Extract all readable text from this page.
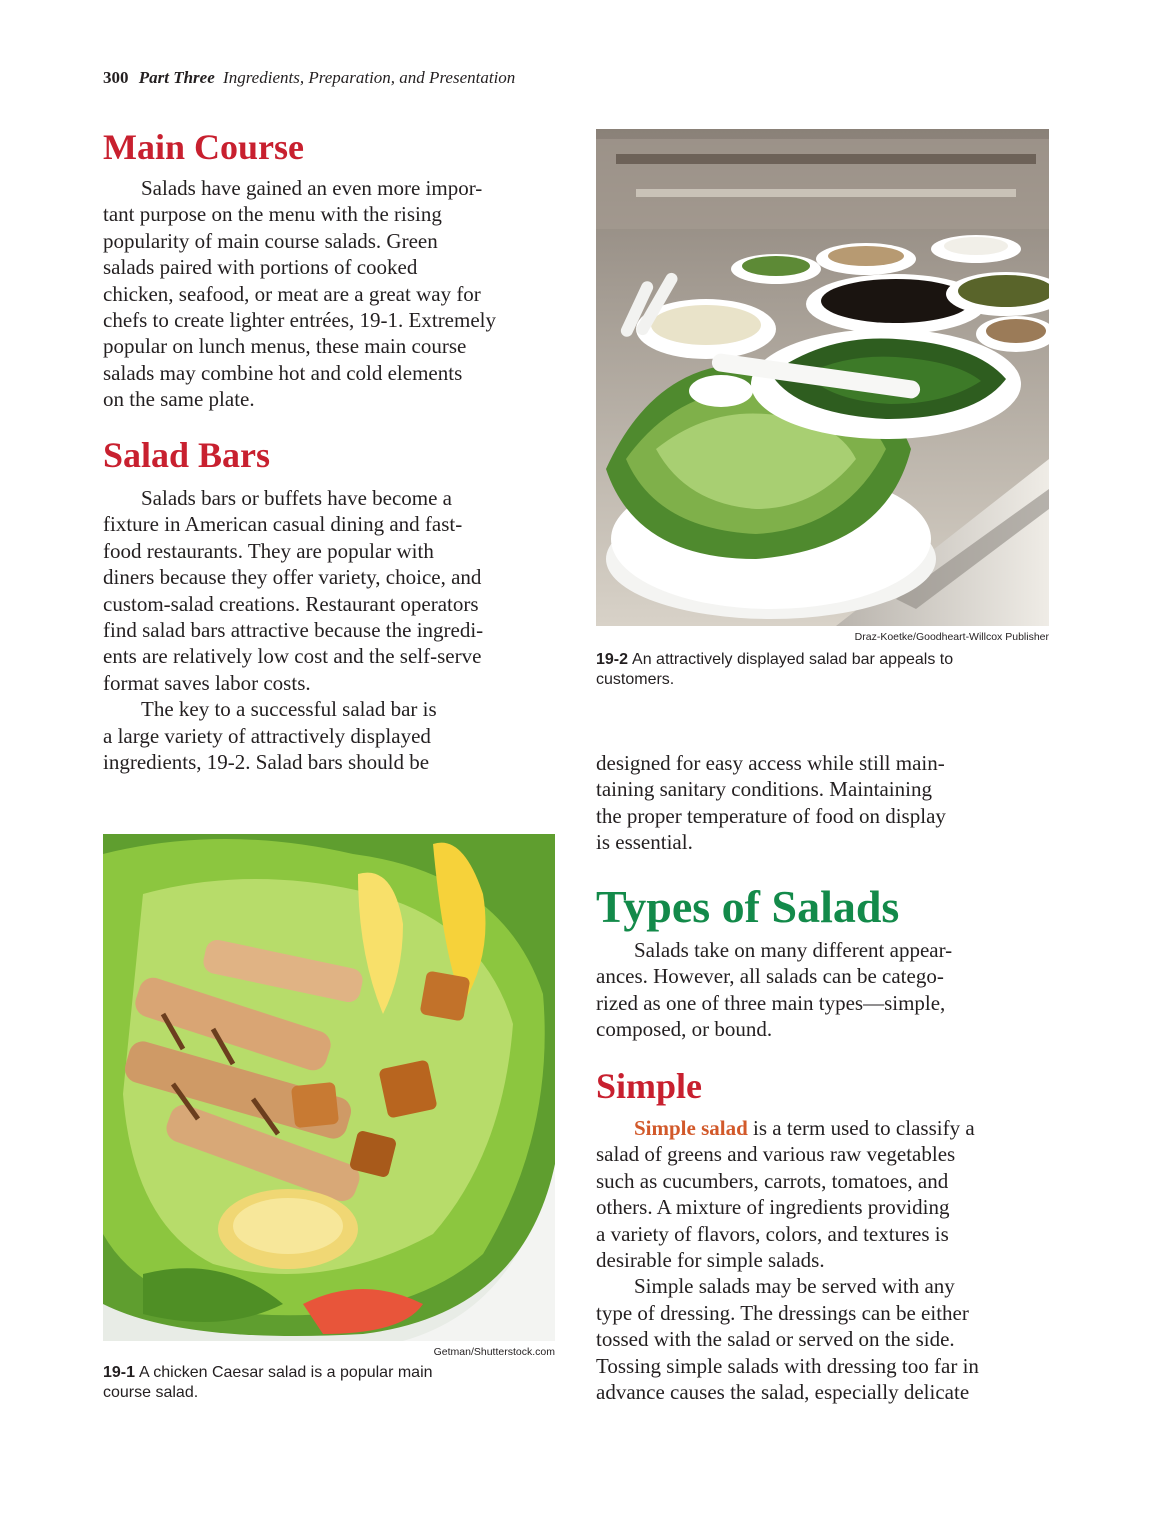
300 Part Three Ingredients, Preparation, and Presentation
Main Course

Salads have gained an even more impor-

tant purpose on the menu with the rising

popularity of main course salads. Green

salads paired with portions of cooked

chicken, seafood, or meat are a great way for

chefs to create lighter entrées, 19-1. Extremely

popular on lunch menus, these main course

salads may combine hot and cold elements

on the same plate.

Salad Bars

Salads bars or buffets have become a

fixture in American casual dining and fast-

food restaurants. They are popular with

diners because they offer variety, choice, and

custom-salad creations. Restaurant operators

find salad bars attractive because the ingredi-

ents are relatively low cost and the self-serve

format saves labor costs.

The key to a successful salad bar is

a large variety of attractively displayed

ingredients, 19-2. Salad bars should be

Draz-Koetke/Goodheart-Willcox Publisher
19-2 An attractively displayed salad bar appeals to
customers.

designed for easy access while still main-

taining sanitary conditions. Maintaining

the proper temperature of food on display

is essential.

Types of Salads

Salads take on many different appear-

ances. However, all salads can be catego-

rized as one of three main types—simple,

composed, or bound.

Simple

Simple salad is a term used to classify a

salad of greens and various raw vegetables

such as cucumbers, carrots, tomatoes, and

others. A mixture of ingredients providing

a variety of flavors, colors, and textures is

desirable for simple salads.

Simple salads may be served with any

type of dressing. The dressings can be either

tossed with the salad or served on the side.

Tossing simple salads with dressing too far in

advance causes the salad, especially delicate

Getman/Shutterstock.com
19-1 A chicken Caesar salad is a popular main
course salad.
